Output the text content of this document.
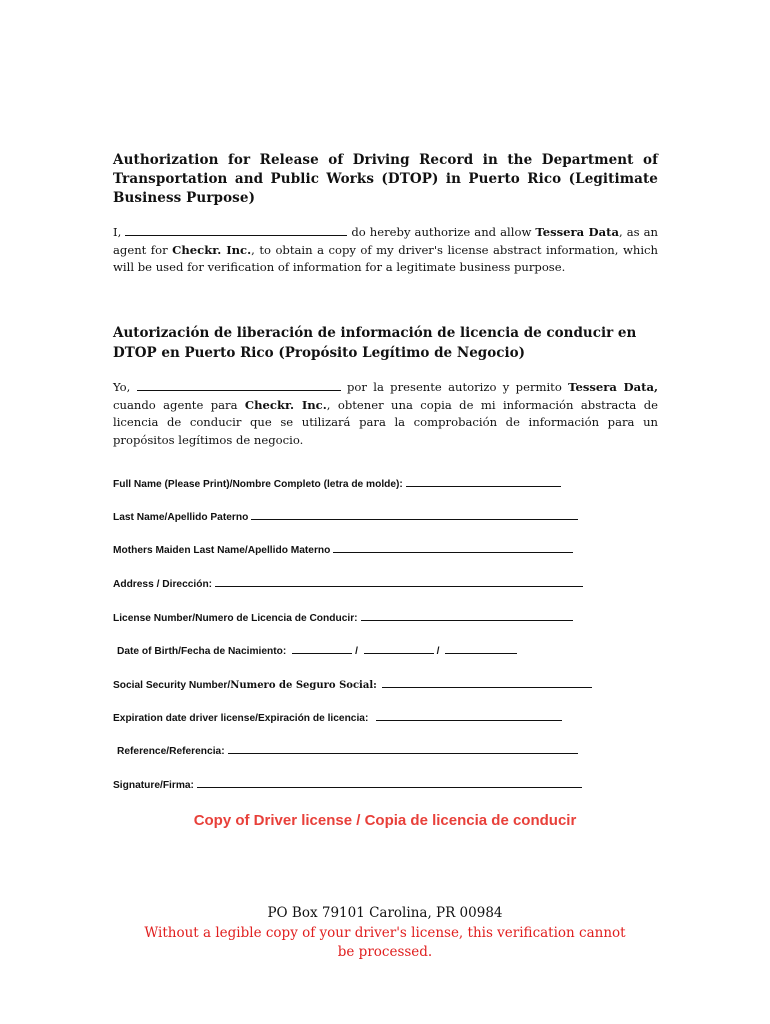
Authorization for Release of Driving Record in the Department of Transportation and Public Works (DTOP) in Puerto Rico (Legitimate Business Purpose)
I,	do hereby authorize and allow Tessera Data, as an agent for Checkr. Inc., to obtain a copy of my driver's license abstract information, which will be used for verification of information for a legitimate business purpose.
Autorización de liberación de información de licencia de conducir en DTOP en Puerto Rico (Propósito Legítimo de Negocio)
Yo,	por la presente autorizo y permito Tessera Data, cuando agente para Checkr. Inc., obtener una copia de mi información abstracta de licencia de conducir que se utilizará para la comprobación de información para un propósitos legítimos de negocio.
Full Name (Please Print)/Nombre Completo (letra de molde):
Last Name/Apellido Paterno
Mothers Maiden Last Name/Apellido Materno
Address / Dirección:
License Number/Numero de Licencia de Conducir:
Date of Birth/Fecha de Nacimiento:	/	/
Social Security Number/Numero de Seguro Social:
Expiration date driver license/Expiración de licencia:
Reference/Referencia:
Signature/Firma:
Copy of Driver license / Copia de licencia de conducir
PO Box 79101 Carolina, PR 00984
Without a legible copy of your driver's license, this verification cannot be processed.
